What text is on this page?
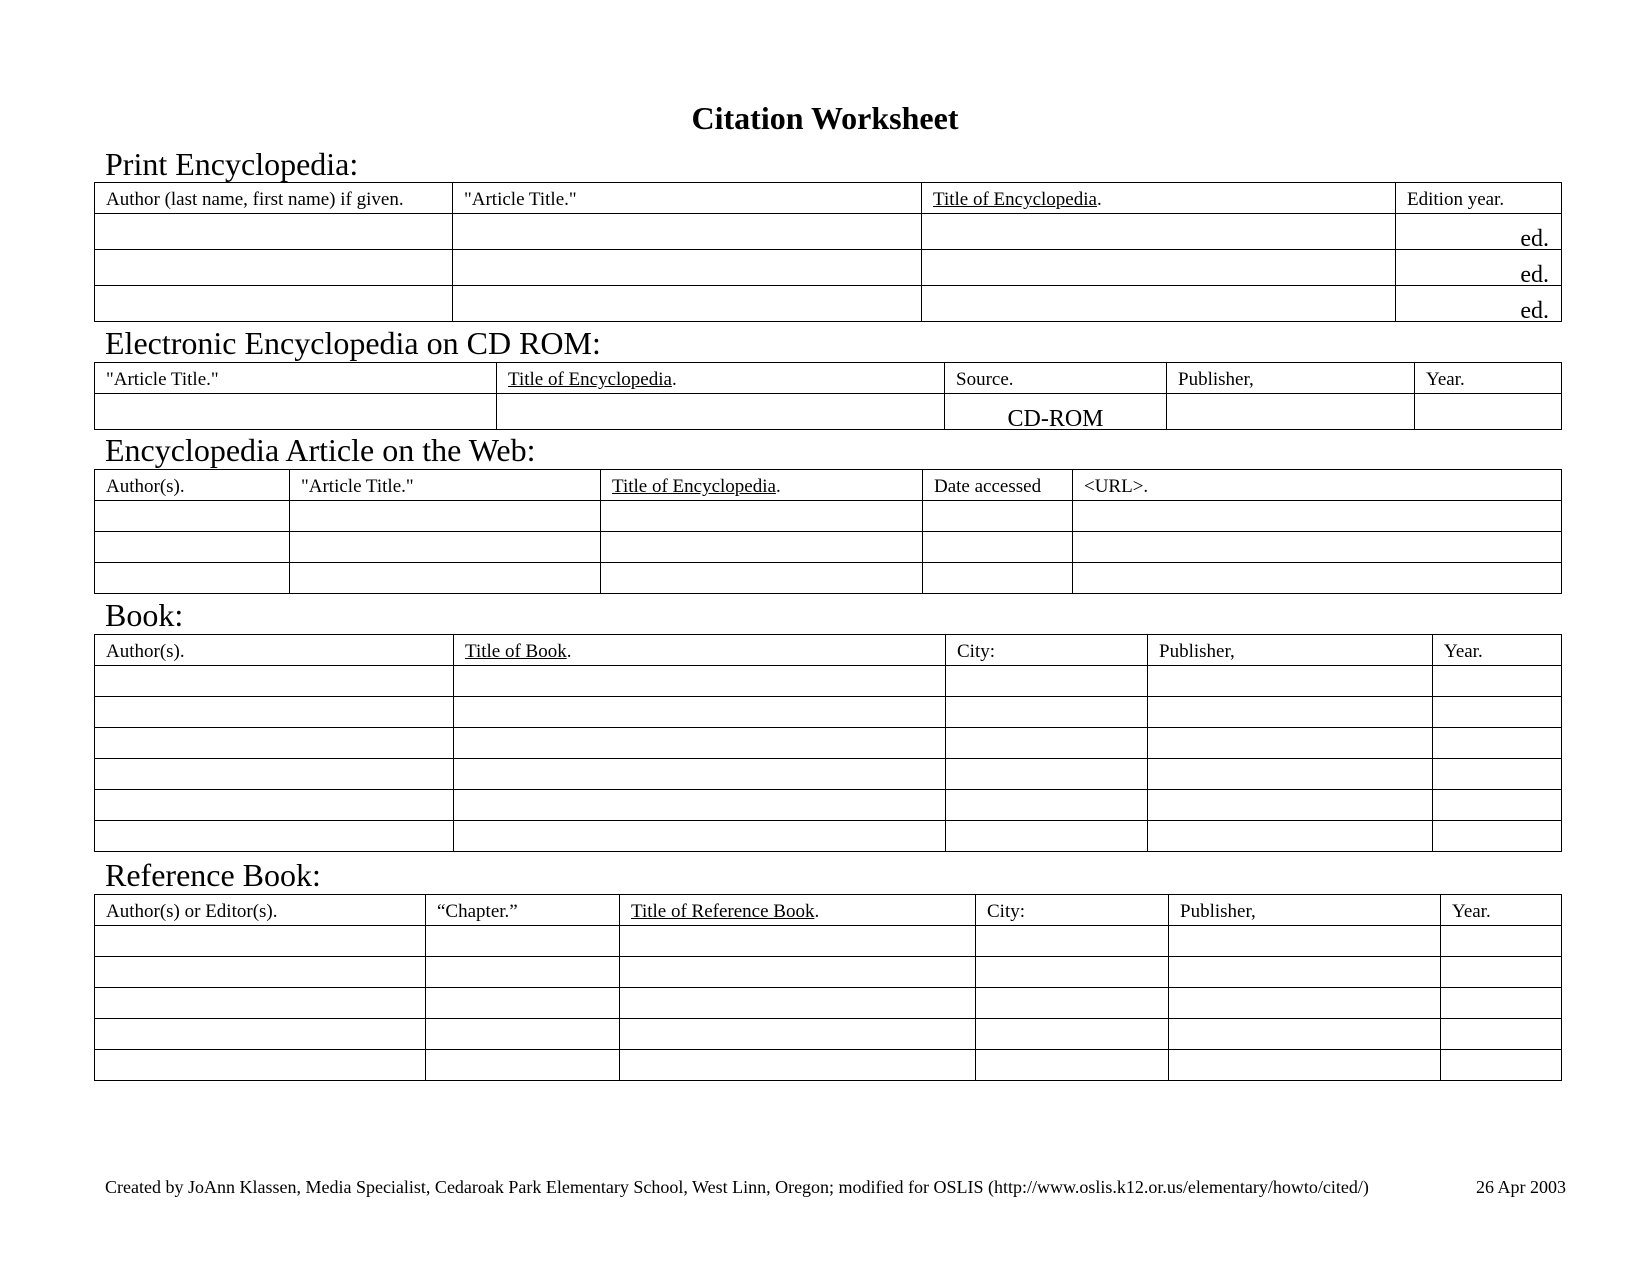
Citation Worksheet
Print Encyclopedia:
Author (last name, first name) if given.	"Article Title."	Title of Encyclopedia.	Edition year.
			ed.
			ed.
			ed.
Electronic Encyclopedia on CD ROM:
"Article Title."	Title of Encyclopedia.	Source.	Publisher,	Year.
		CD-ROM		
Encyclopedia Article on the Web:
Author(s).	"Article Title."	Title of Encyclopedia.	Date accessed	<URL>.

Book:
Author(s).	Title of Book.	City:	Publisher,	Year.

Reference Book:
Author(s) or Editor(s).	“Chapter.”	Title of Reference Book.	City:	Publisher,	Year.

Created by JoAnn Klassen, Media Specialist, Cedaroak Park Elementary School, West Linn, Oregon; modified for OSLIS (http://www.oslis.k12.or.us/elementary/howto/cited/)	26 Apr 2003
